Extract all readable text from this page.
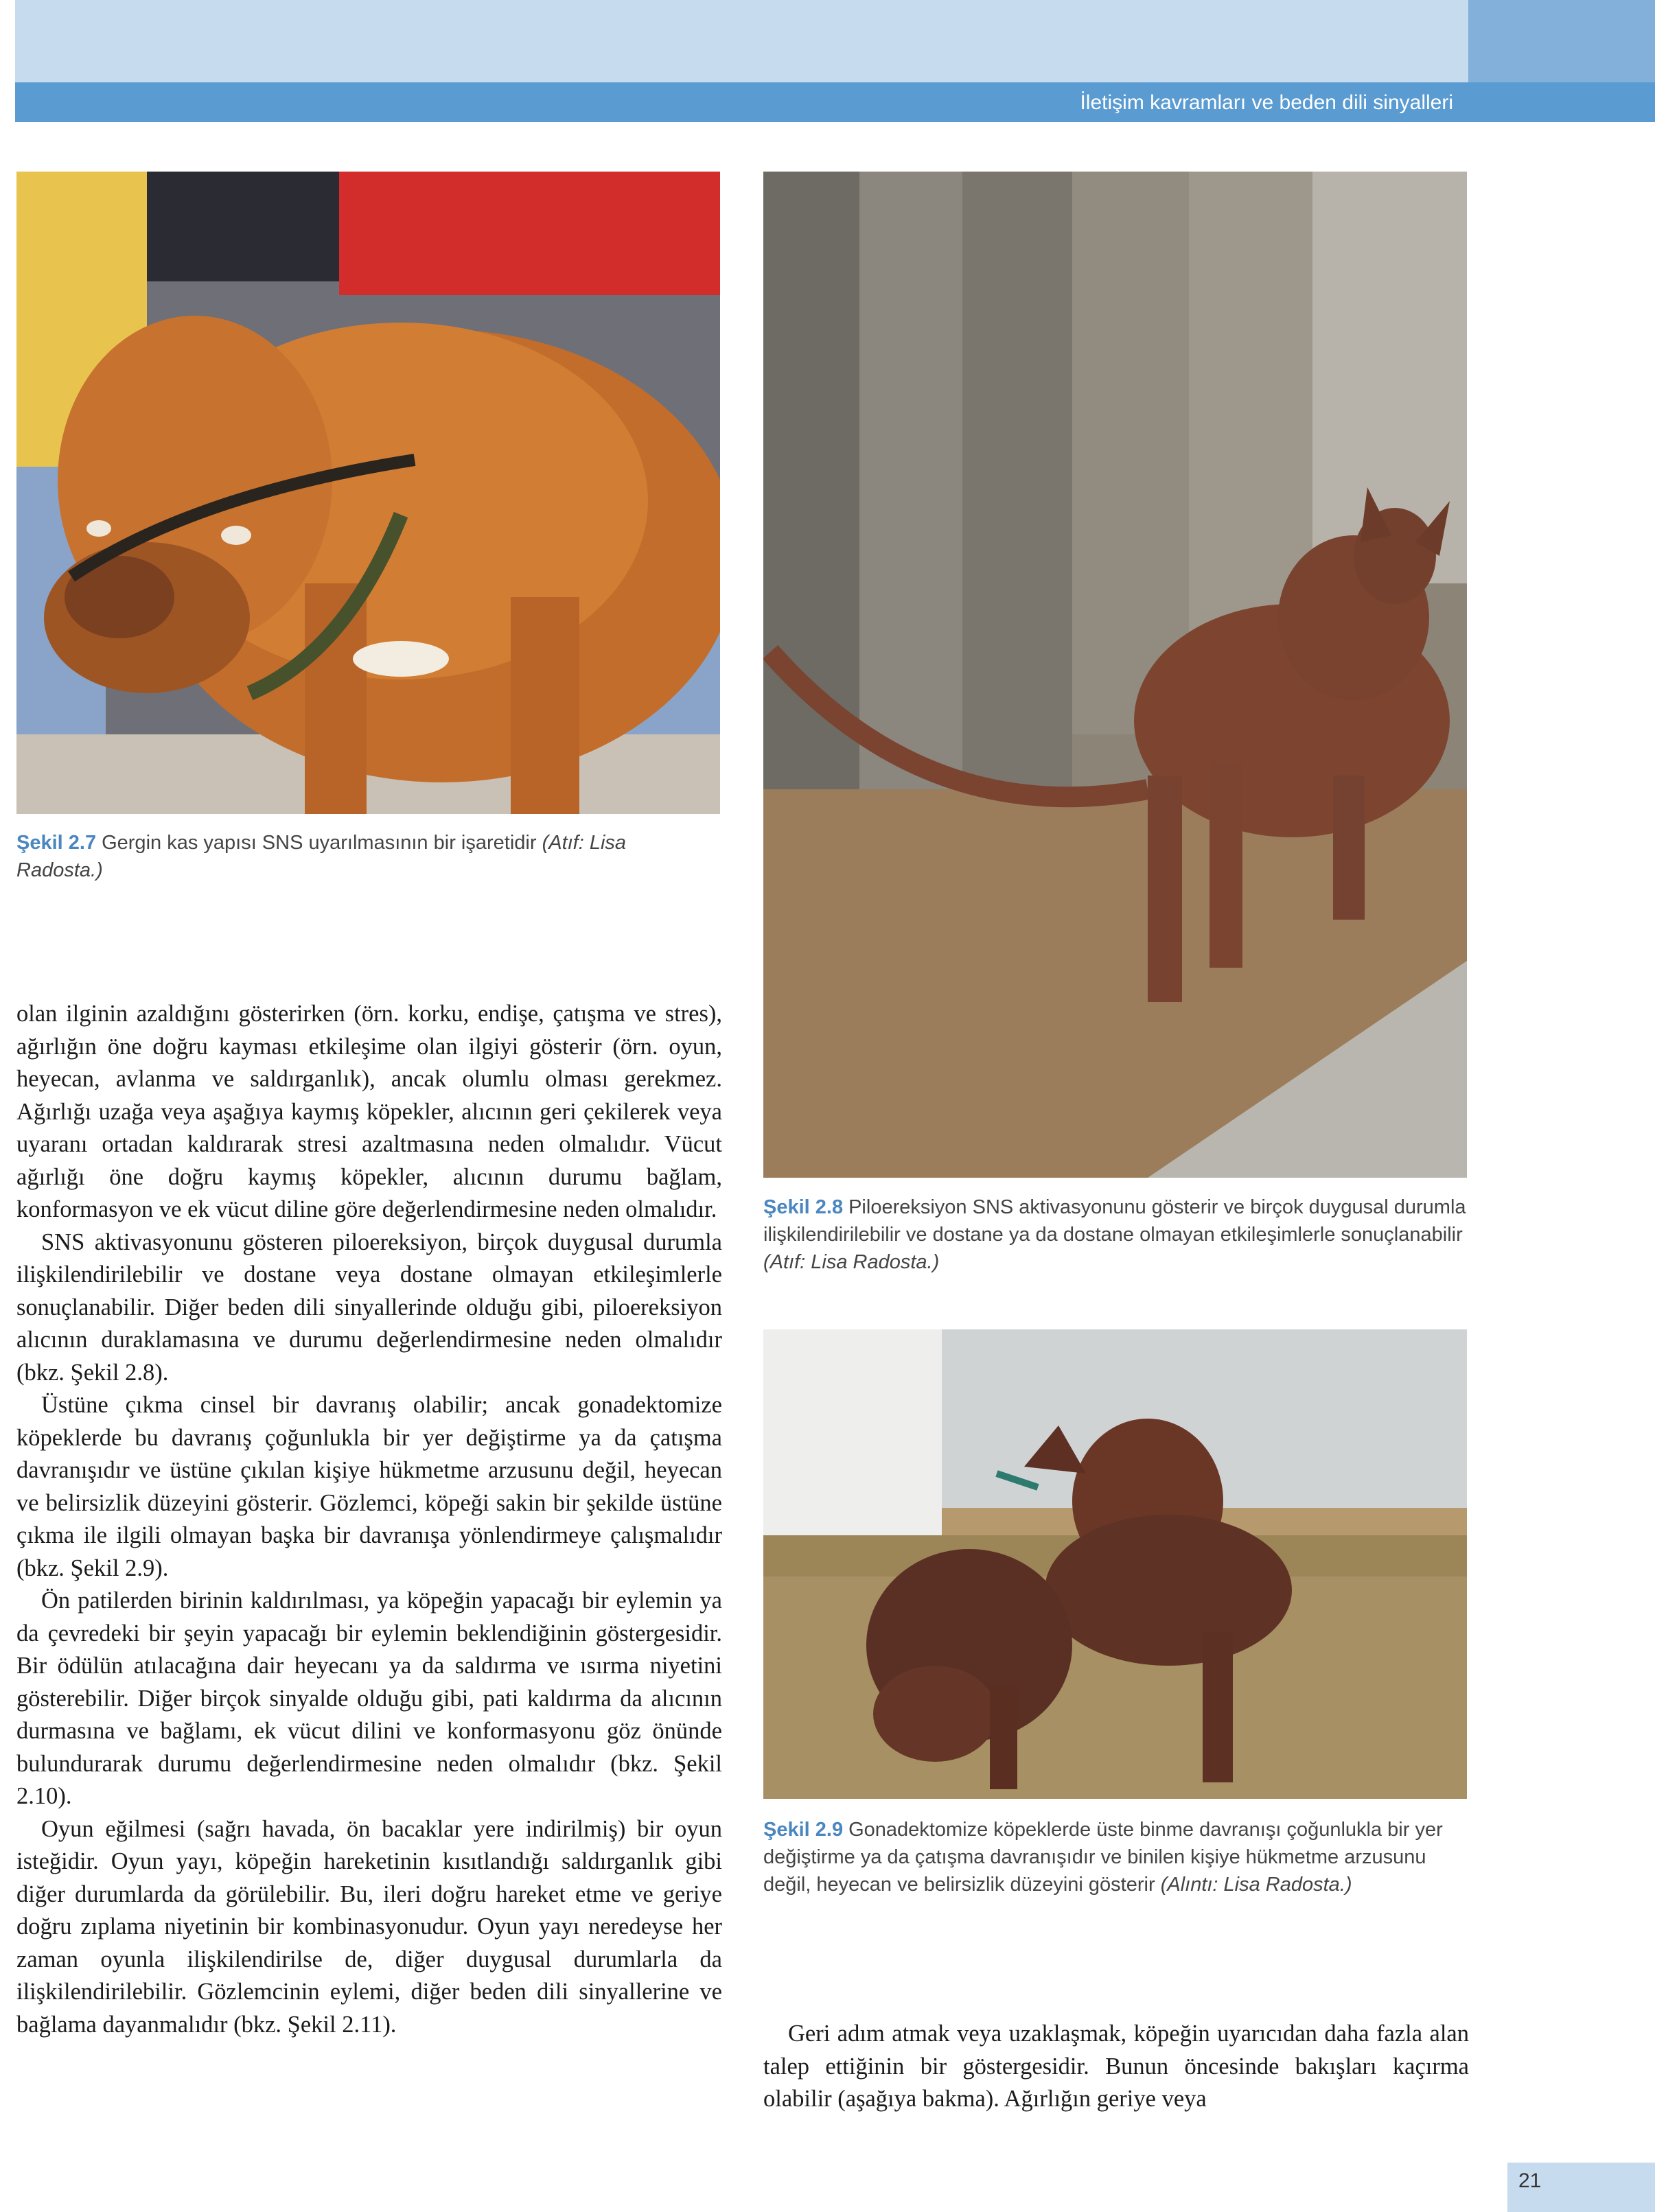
İletişim kavramları ve beden dili sinyalleri
Şekil 2.7 Gergin kas yapısı SNS uyarılmasının bir işaretidir (Atıf: Lisa Radosta.)
Şekil 2.8 Piloereksiyon SNS aktivasyonunu gösterir ve birçok duygusal durumla ilişkilendirilebilir ve dostane ya da dostane olmayan etkileşimlerle sonuçlanabilir (Atıf: Lisa Radosta.)
Şekil 2.9 Gonadektomize köpeklerde üste binme davranışı çoğunlukla bir yer değiştirme ya da çatışma davranışıdır ve binilen kişiye hükmetme arzusunu değil, heyecan ve belirsizlik düzeyini gösterir (Alıntı: Lisa Radosta.)

olan ilginin azaldığını gösterirken (örn. korku, endişe, çatışma ve stres), ağırlığın öne doğru kayması etkileşime olan ilgiyi gösterir (örn. oyun, heyecan, avlanma ve saldırganlık), ancak olumlu olması gerekmez. Ağırlığı uzağa veya aşağıya kaymış köpekler, alıcının geri çekilerek veya uyaranı ortadan kaldırarak stresi azaltmasına neden olmalıdır. Vücut ağırlığı öne doğru kaymış köpekler, alıcının durumu bağlam, konformasyon ve ek vücut diline göre değerlendirmesine neden olmalıdır.

SNS aktivasyonunu gösteren piloereksiyon, birçok duygusal durumla ilişkilendirilebilir ve dostane veya dostane olmayan etkileşimlerle sonuçlanabilir. Diğer beden dili sinyallerinde olduğu gibi, piloereksiyon alıcının duraklamasına ve durumu değerlendirmesine neden olmalıdır (bkz. Şekil 2.8).

Üstüne çıkma cinsel bir davranış olabilir; ancak gonadektomize köpeklerde bu davranış çoğunlukla bir yer değiştirme ya da çatışma davranışıdır ve üstüne çıkılan kişiye hükmetme arzusunu değil, heyecan ve belirsizlik düzeyini gösterir. Gözlemci, köpeği sakin bir şekilde üstüne çıkma ile ilgili olmayan başka bir davranışa yönlendirmeye çalışmalıdır (bkz. Şekil 2.9).

Ön patilerden birinin kaldırılması, ya köpeğin yapacağı bir eylemin ya da çevredeki bir şeyin yapacağı bir eylemin beklendiğinin göstergesidir. Bir ödülün atılacağına dair heyecanı ya da saldırma ve ısırma niyetini gösterebilir. Diğer birçok sinyalde olduğu gibi, pati kaldırma da alıcının durmasına ve bağlamı, ek vücut dilini ve konformasyonu göz önünde bulundurarak durumu değerlendirmesine neden olmalıdır (bkz. Şekil 2.10).

Oyun eğilmesi (sağrı havada, ön bacaklar yere indirilmiş) bir oyun isteğidir. Oyun yayı, köpeğin hareketinin kısıtlandığı saldırganlık gibi diğer durumlarda da görülebilir. Bu, ileri doğru hareket etme ve geriye doğru zıplama niyetinin bir kombinasyonudur. Oyun yayı neredeyse her zaman oyunla ilişkilendirilse de, diğer duygusal durumlarla da ilişkilendirilebilir. Gözlemcinin eylemi, diğer beden dili sinyallerine ve bağlama dayanmalıdır (bkz. Şekil 2.11).	Geri adım atmak veya uzaklaşmak, köpeğin uyarıcıdan daha fazla alan talep ettiğinin bir göstergesidir. Bunun öncesinde bakışları kaçırma olabilir (aşağıya bakma). Ağırlığın geriye veya

21
